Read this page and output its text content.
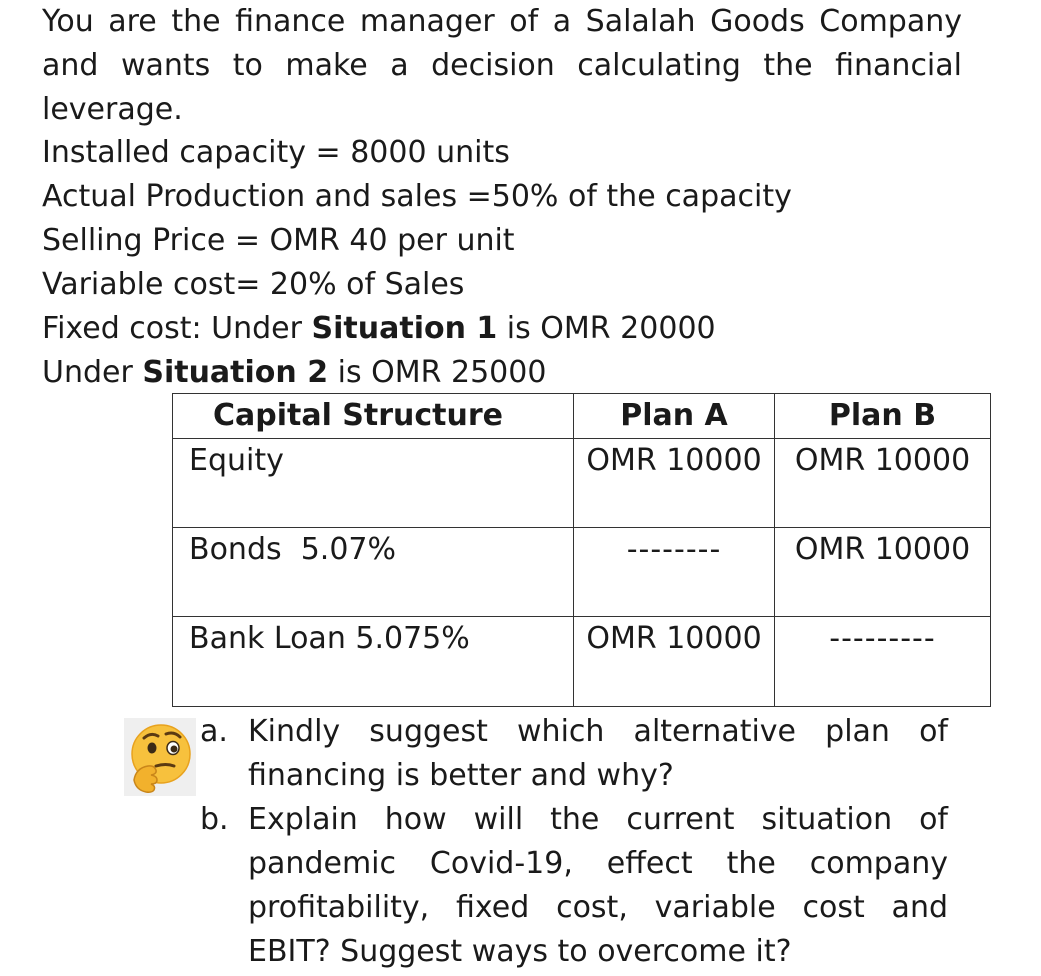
You are the finance manager of a Salalah Goods Company and wants to make a decision calculating the financial leverage.
Installed capacity = 8000 units
Actual Production and sales =50% of the capacity
Selling Price = OMR 40 per unit
Variable cost= 20% of Sales
Fixed cost: Under Situation 1 is OMR 20000
Under Situation 2 is OMR 25000
Capital Structure	Plan A	Plan B
Equity	OMR 10000	OMR 10000
Bonds  5.07%	--------	OMR 10000
Bank Loan 5.075%	OMR 10000	---------
a. Kindly suggest which alternative plan of financing is better and why?
b. Explain how will the current situation of pandemic Covid-19, effect the company profitability, fixed cost, variable cost and EBIT? Suggest ways to overcome it?
